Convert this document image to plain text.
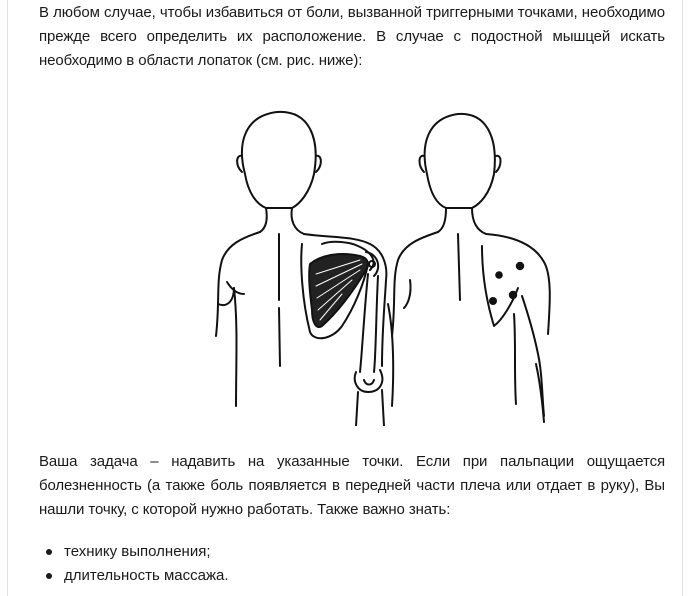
В любом случае, чтобы избавиться от боли, вызванной триггерными точками, необходимо прежде всего определить их расположение. В случае с подостной мышцей искать необходимо в области лопаток (см. рис. ниже):

Ваша задача – надавить на указанные точки. Если при пальпации ощущается болезненность (а также боль появляется в передней части плеча или отдает в руку), Вы нашли точку, с которой нужно работать. Также важно знать:

технику выполнения;
длительность массажа.
